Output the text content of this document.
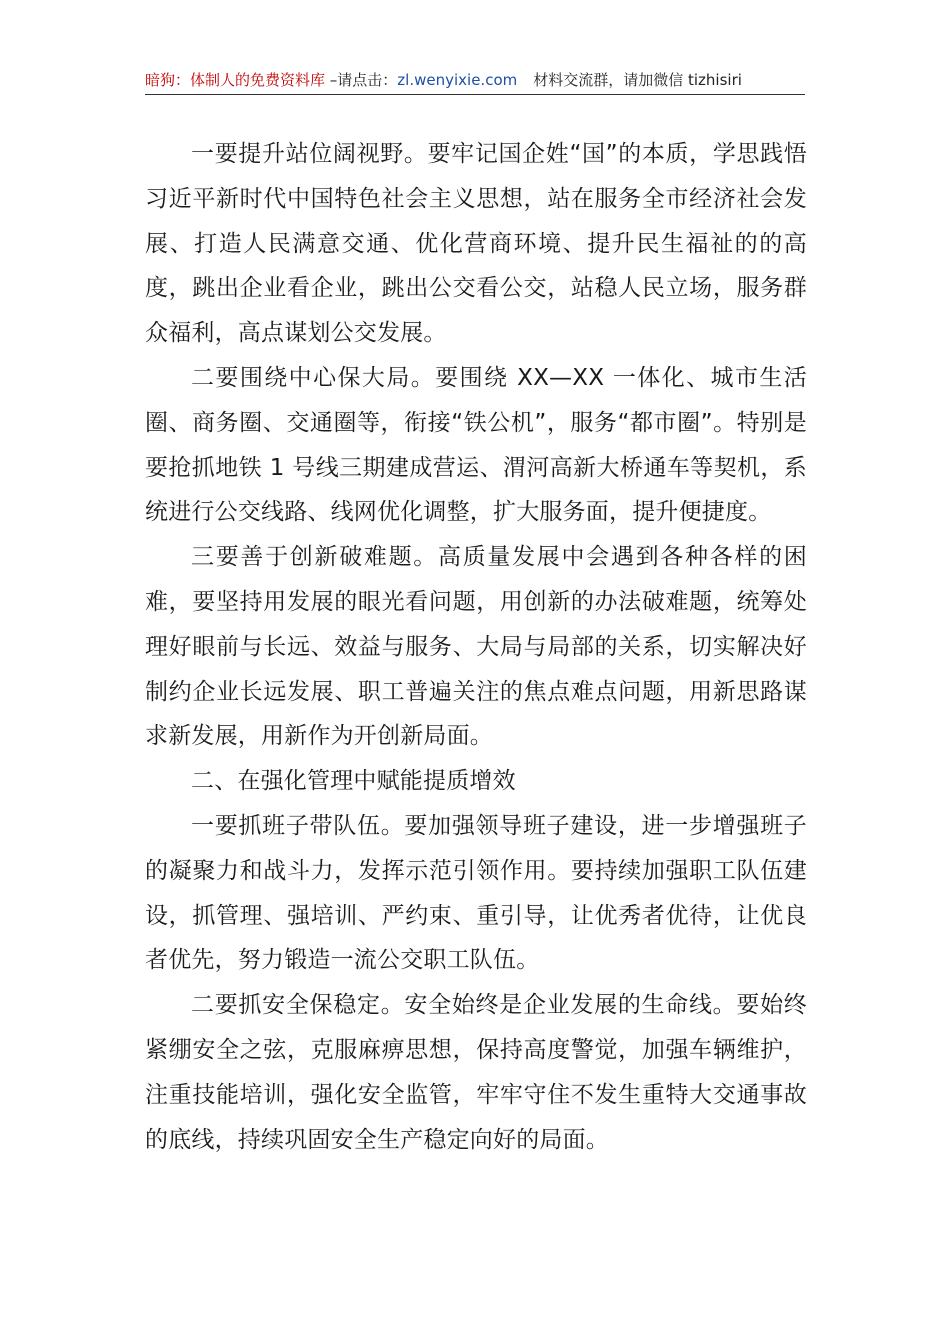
暗狗：体制人的免费资料库 –请点击：zl.wenyixie.com 材料交流群，请加微信 tizhisiri

一要提升站位阔视野。要牢记国企姓“国”的本质，学思践悟习近平新时代中国特色社会主义思想，站在服务全市经济社会发展、打造人民满意交通、优化营商环境、提升民生福祉的的高度，跳出企业看企业，跳出公交看公交，站稳人民立场，服务群众福利，高点谋划公交发展。

二要围绕中心保大局。要围绕 XX—XX 一体化、城市生活圈、商务圈、交通圈等，衔接“铁公机”，服务“都市圈”。特别是要抢抓地铁 1 号线三期建成营运、渭河高新大桥通车等契机，系统进行公交线路、线网优化调整，扩大服务面，提升便捷度。

三要善于创新破难题。高质量发展中会遇到各种各样的困难，要坚持用发展的眼光看问题，用创新的办法破难题，统筹处理好眼前与长远、效益与服务、大局与局部的关系，切实解决好制约企业长远发展、职工普遍关注的焦点难点问题，用新思路谋求新发展，用新作为开创新局面。

二、在强化管理中赋能提质增效

一要抓班子带队伍。要加强领导班子建设，进一步增强班子的凝聚力和战斗力，发挥示范引领作用。要持续加强职工队伍建设，抓管理、强培训、严约束、重引导，让优秀者优待，让优良者优先，努力锻造一流公交职工队伍。

二要抓安全保稳定。安全始终是企业发展的生命线。要始终紧绷安全之弦，克服麻痹思想，保持高度警觉，加强车辆维护，注重技能培训，强化安全监管，牢牢守住不发生重特大交通事故的底线，持续巩固安全生产稳定向好的局面。
